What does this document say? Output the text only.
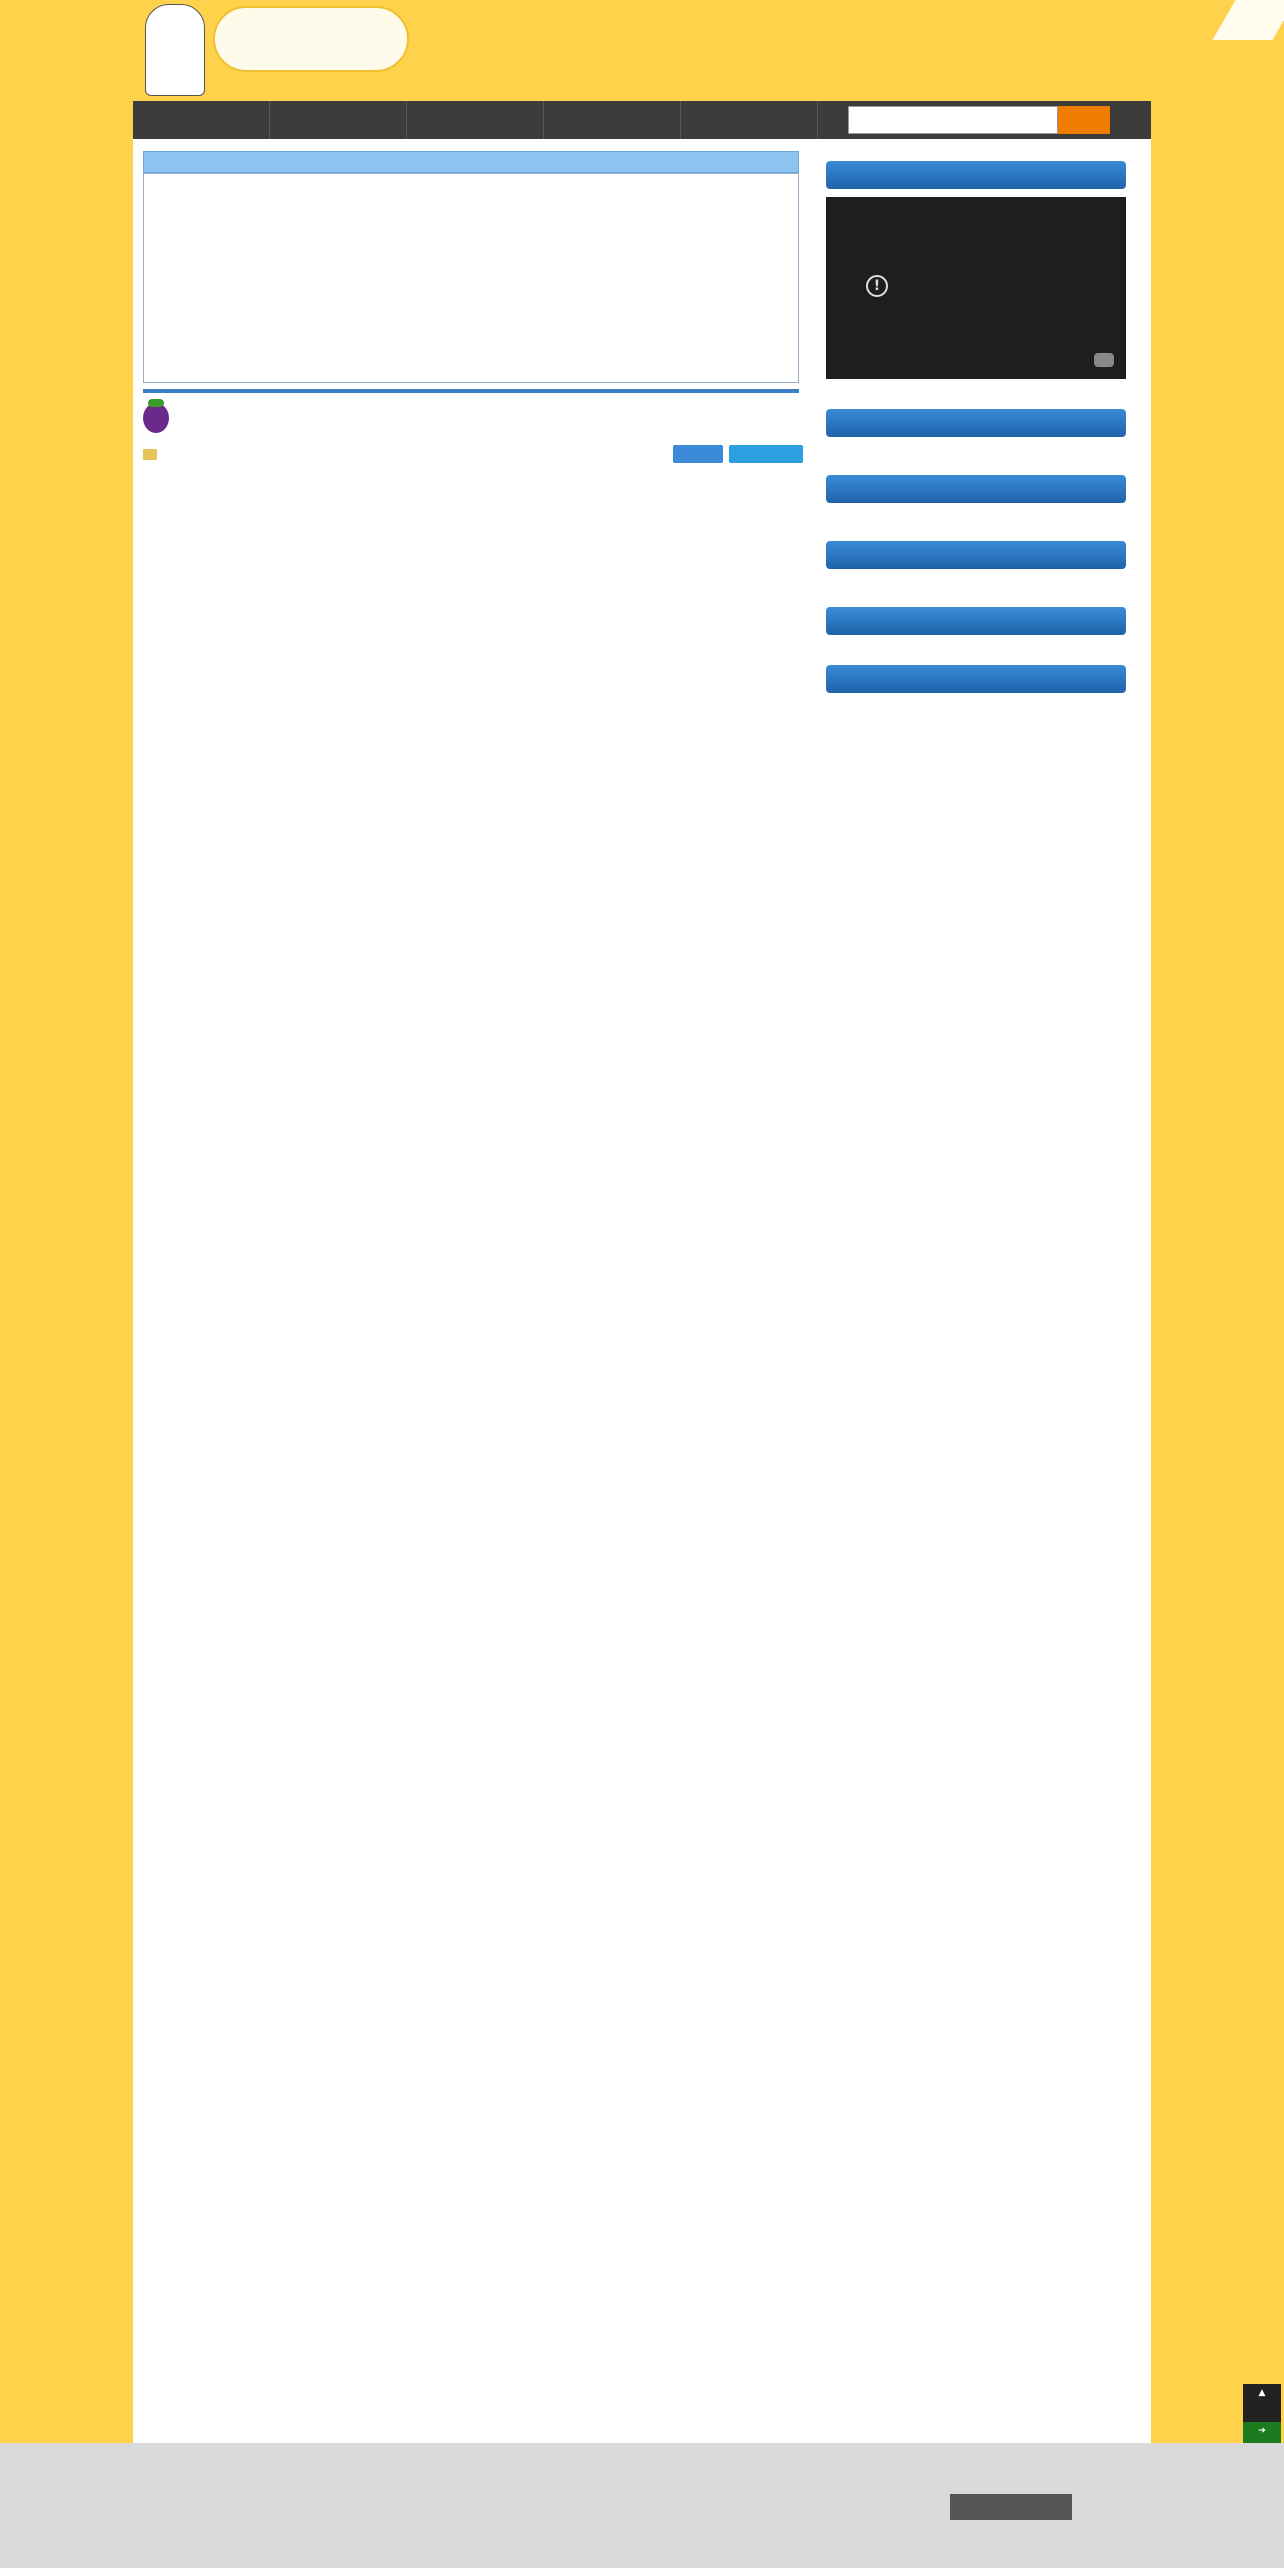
!
▲
➔
